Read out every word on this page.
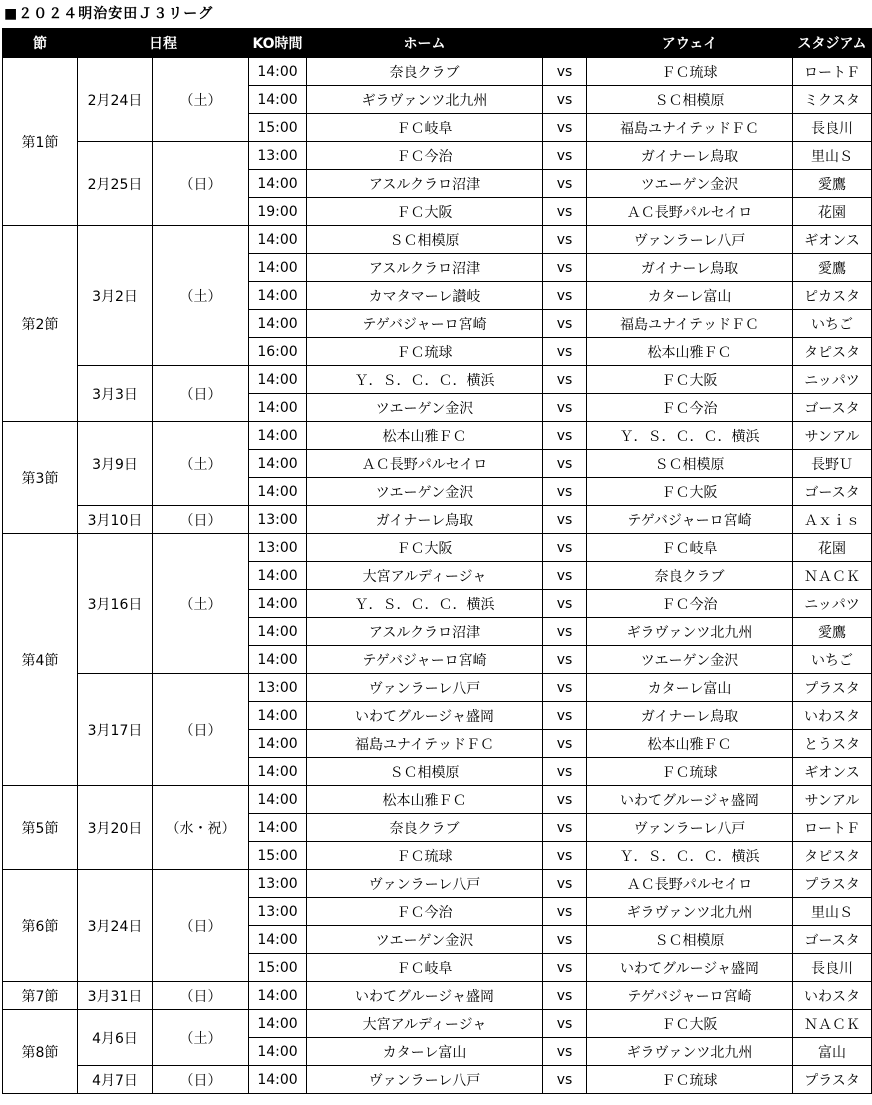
■２０２４明治安田Ｊ３リーグ
節	日程		KO時間	ホーム		アウェイ	スタジアム
第1節	2月24日	（土）	14:00	奈良クラブ	vs	ＦＣ琉球	ロートＦ
			14:00	ギラヴァンツ北九州	vs	ＳＣ相模原	ミクスタ
			15:00	ＦＣ岐阜	vs	福島ユナイテッドＦＣ	長良川
	2月25日	（日）	13:00	ＦＣ今治	vs	ガイナーレ鳥取	里山Ｓ
			14:00	アスルクラロ沼津	vs	ツエーゲン金沢	愛鷹
			19:00	ＦＣ大阪	vs	ＡＣ長野パルセイロ	花園
第2節	3月2日	（土）	14:00	ＳＣ相模原	vs	ヴァンラーレ八戸	ギオンス
			14:00	アスルクラロ沼津	vs	ガイナーレ鳥取	愛鷹
			14:00	カマタマーレ讃岐	vs	カターレ富山	ピカスタ
			14:00	テゲバジャーロ宮崎	vs	福島ユナイテッドＦＣ	いちご
			16:00	ＦＣ琉球	vs	松本山雅ＦＣ	タピスタ
	3月3日	（日）	14:00	Ｙ．Ｓ．Ｃ．Ｃ．横浜	vs	ＦＣ大阪	ニッパツ
			14:00	ツエーゲン金沢	vs	ＦＣ今治	ゴースタ
第3節	3月9日	（土）	14:00	松本山雅ＦＣ	vs	Ｙ．Ｓ．Ｃ．Ｃ．横浜	サンアル
			14:00	ＡＣ長野パルセイロ	vs	ＳＣ相模原	長野Ｕ
			14:00	ツエーゲン金沢	vs	ＦＣ大阪	ゴースタ
	3月10日	（日）	13:00	ガイナーレ鳥取	vs	テゲバジャーロ宮崎	Ａｘｉｓ
第4節	3月16日	（土）	13:00	ＦＣ大阪	vs	ＦＣ岐阜	花園
			14:00	大宮アルディージャ	vs	奈良クラブ	ＮＡＣＫ
			14:00	Ｙ．Ｓ．Ｃ．Ｃ．横浜	vs	ＦＣ今治	ニッパツ
			14:00	アスルクラロ沼津	vs	ギラヴァンツ北九州	愛鷹
			14:00	テゲバジャーロ宮崎	vs	ツエーゲン金沢	いちご
	3月17日	（日）	13:00	ヴァンラーレ八戸	vs	カターレ富山	プラスタ
			14:00	いわてグルージャ盛岡	vs	ガイナーレ鳥取	いわスタ
			14:00	福島ユナイテッドＦＣ	vs	松本山雅ＦＣ	とうスタ
			14:00	ＳＣ相模原	vs	ＦＣ琉球	ギオンス
第5節	3月20日	（水・祝）	14:00	松本山雅ＦＣ	vs	いわてグルージャ盛岡	サンアル
			14:00	奈良クラブ	vs	ヴァンラーレ八戸	ロートＦ
			15:00	ＦＣ琉球	vs	Ｙ．Ｓ．Ｃ．Ｃ．横浜	タピスタ
第6節	3月24日	（日）	13:00	ヴァンラーレ八戸	vs	ＡＣ長野パルセイロ	プラスタ
			13:00	ＦＣ今治	vs	ギラヴァンツ北九州	里山Ｓ
			14:00	ツエーゲン金沢	vs	ＳＣ相模原	ゴースタ
			15:00	ＦＣ岐阜	vs	いわてグルージャ盛岡	長良川
第7節	3月31日	（日）	14:00	いわてグルージャ盛岡	vs	テゲバジャーロ宮崎	いわスタ
第8節	4月6日	（土）	14:00	大宮アルディージャ	vs	ＦＣ大阪	ＮＡＣＫ
			14:00	カターレ富山	vs	ギラヴァンツ北九州	富山
	4月7日	（日）	14:00	ヴァンラーレ八戸	vs	ＦＣ琉球	プラスタ
